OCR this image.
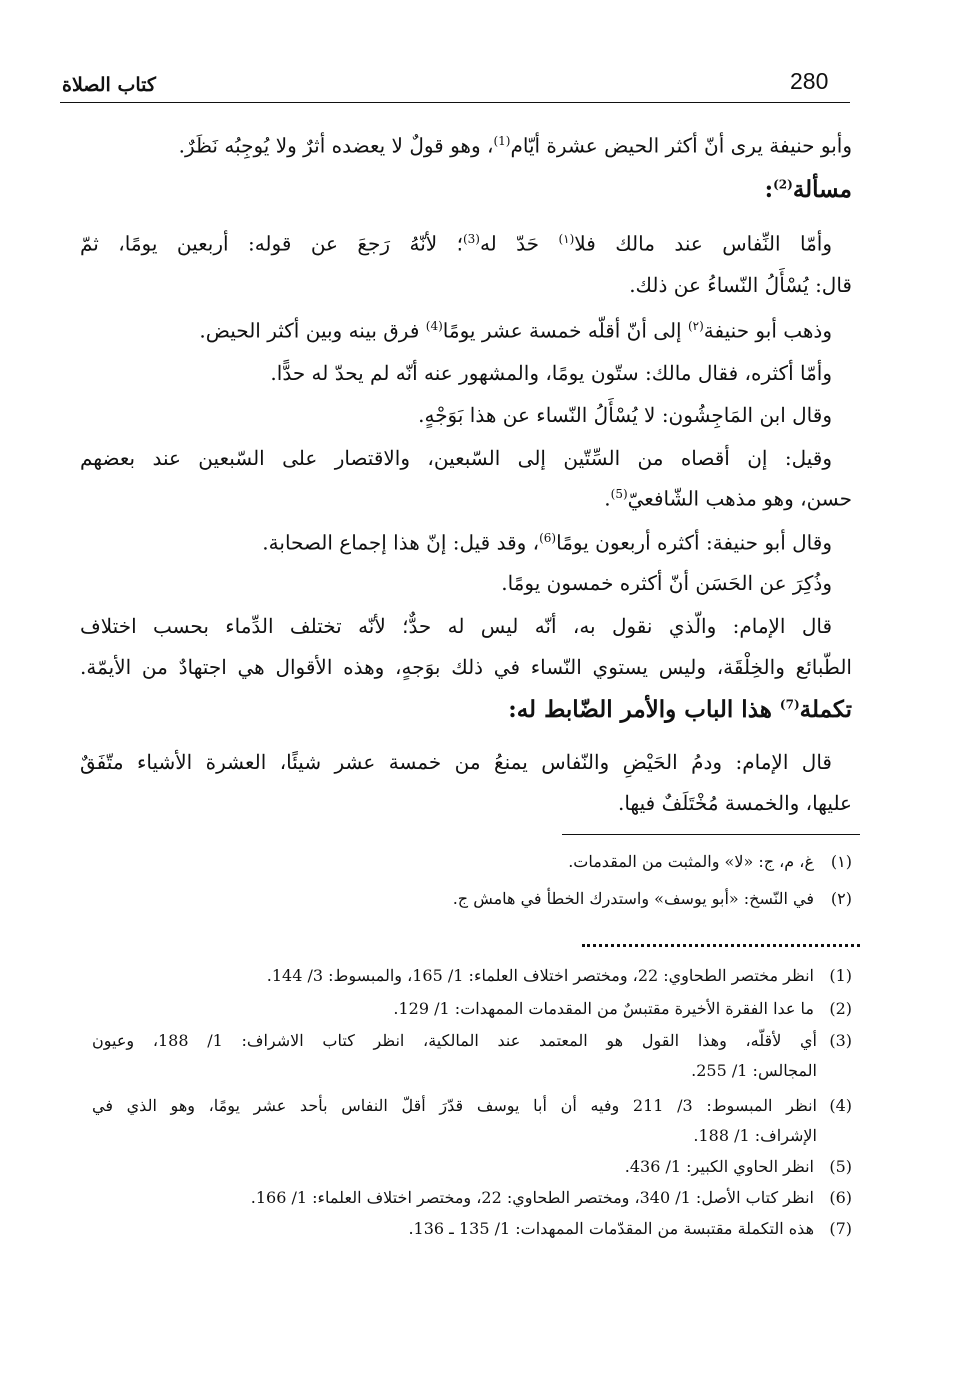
280
كتاب الصلاة
وأبو حنيفة يرى أنّ أكثر الحيض عشرة أيّام$^{(1)}$، وهو قولٌ لا يعضده أثرٌ ولا يُوجِبُه نَظَرٌ.
مسألة$^{(2)}$:
وأمّا النِّفاس عند مالك فلا$^{(١)}$ حَدّ له$^{(3)}$؛ لأنّهُ رَجعَ عن قوله: أربعين يومًا، ثمّ
قال: يُسْأَلُ النّساءُ عن ذلك.
وذهب أبو حنيفة$^{(٢)}$ إلى أنّ أقلّه خمسة عشر يومًا$^{(4)}$ فرق بينه وبين أكثر الحيض.
وأمّا أكثره، فقال مالك: ستّون يومًا، والمشهور عنه أنّه لم يحدّ له حدًّا.
وقال ابن المَاجِشُون: لا يُسْأَلُ النّساء عن هذا بَوَجْهٍ.
وقيل: إن أقصاه من السِّتّين إلى السّبعين، والاقتصار على السّبعين عند بعضهم
حسن، وهو مذهب الشّافعيّ$^{(5)}$.
وقال أبو حنيفة: أكثره أربعون يومًا$^{(6)}$، وقد قيل: إنّ هذا إجماع الصحابة.
وذُكِرَ عن الحَسَن أنّ أكثره خمسون يومًا.
قال الإمام: والّذي نقول به، أنّه ليس له حدٌّ؛ لأنّه تختلف الدِّماء بحسب اختلاف
الطّبائع والخِلْقَة، وليس يستوي النّساء في ذلك بوَجهٍ، وهذه الأقوال هي اجتهادٌ من الأيمّة.
تكملة$^{(7)}$ هذا الباب والأمر الضّابط له:
قال الإمام: ودمُ الحَيْضِ والنّفاس يمنعُ من خمسة عشر شيئًا، العشرة الأشياء متّفَقٌ
عليها، والخمسة مُخْتَلَفٌ فيها.
(١)غ، م، ج: «لا» والمثبت من المقدمات.
(٢)في النّسخ: «أبو يوسف» واستدرك الخطأ في هامش ج.
(1)انظر مختصر الطحاوي: 22، ومختصر اختلاف العلماء: 1/ 165، والمبسوط: 3/ 144.
(2)ما عدا الفقرة الأخيرة مقتبسٌ من المقدمات الممهدات: 1/ 129.
(3)
أي لأقلّه، وهذا القول هو المعتمد عند المالكية، انظر كتاب الاشراف: 1/ 188، وعيون
المجالس: 1/ 255.
(4)
انظر المبسوط: 3/ 211 وفيه أن أبا يوسف قدّرَ أقلّ النفاس بأحد عشر يومًا، وهو الذي في
الإشراف: 1/ 188.
(5)انظر الحاوي الكبير: 1/ 436.
(6)انظر كتاب الأصل: 1/ 340، ومختصر الطحاوي: 22، ومختصر اختلاف العلماء: 1/ 166.
(7)هذه التكملة مقتبسة من المقدّمات الممهدات: 1/ 135 ـ 136.
